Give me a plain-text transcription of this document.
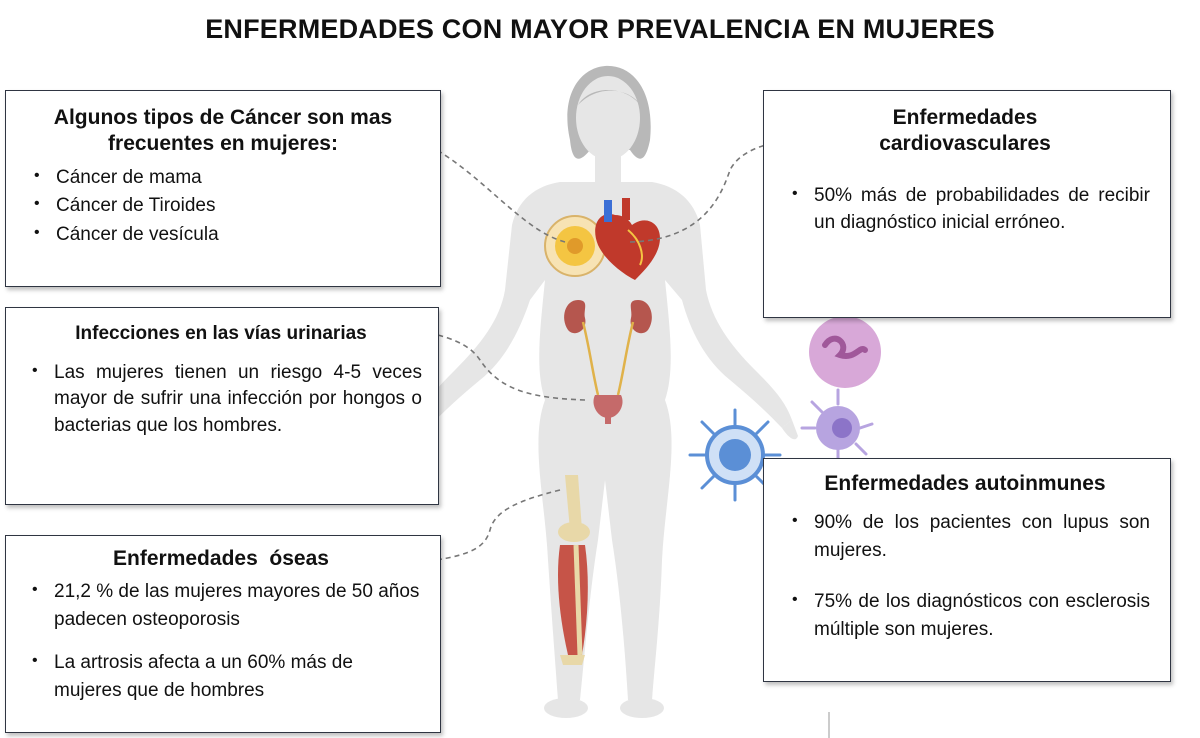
ENFERMEDADES CON MAYOR PREVALENCIA EN MUJERES
Algunos tipos de Cáncer son mas
frecuentes en mujeres:
• Cáncer de mama
• Cáncer de Tiroides
• Cáncer de vesícula
Enfermedades
cardiovasculares
• 50% más de probabilidades de recibir un diagnóstico inicial erróneo.
Infecciones en las vías urinarias
• Las mujeres tienen un riesgo 4-5 veces mayor de sufrir una infección por hongos o bacterias que los hombres.
Enfermedades  óseas
• 21,2 % de las mujeres mayores de 50 años padecen osteoporosis
• La artrosis afecta a un 60% más de mujeres que de hombres
Enfermedades autoinmunes
• 90% de los pacientes con lupus son mujeres.
• 75% de los diagnósticos con esclerosis múltiple son mujeres.
